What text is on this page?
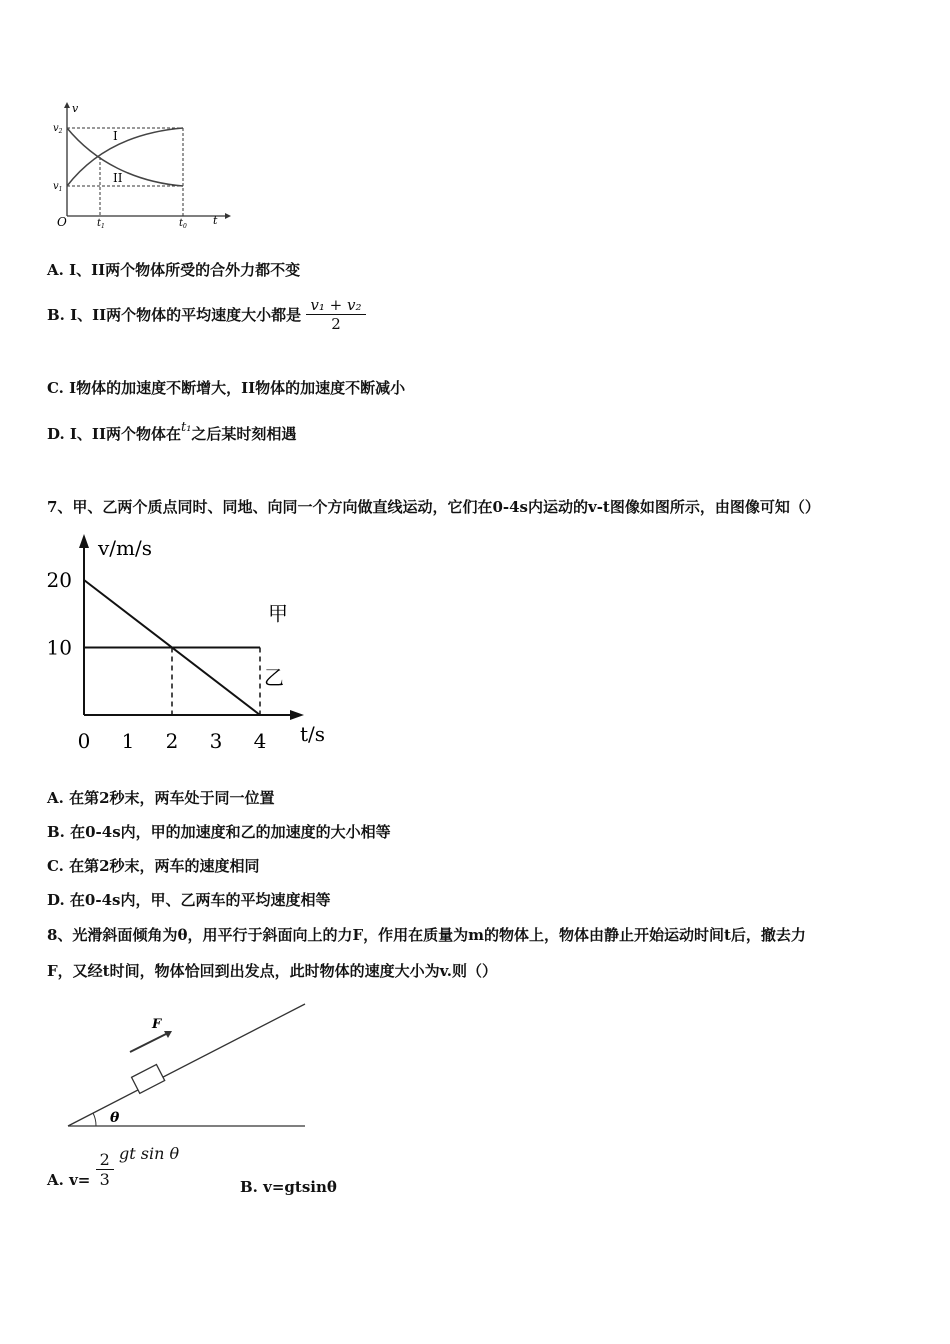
v
t
O
$v_2$
$v_1$
$t_1$	$t_0$
I
II
A. I、II两个物体所受的合外力都不变
B. I、II两个物体的平均速度大小都是 $\frac{\text{v₁ + v₂}}{2}$
C. I物体的加速度不断增大，II物体的加速度不断减小
D. I、II两个物体在t₁之后某时刻相遇
7、甲、乙两个质点同时、同地、向同一个方向做直线运动，它们在0-4s内运动的v-t图像如图所示，由图像可知（）
v/m/s
t/s
0 1 2 3 4
20
10
甲
乙
A. 在第2秒末，两车处于同一位置
B. 在0-4s内，甲的加速度和乙的加速度的大小相等
C. 在第2秒末，两车的速度相同
D. 在0-4s内，甲、乙两车的平均速度相等
8、光滑斜面倾角为θ，用平行于斜面向上的力F，作用在质量为m的物体上，物体由静止开始运动时间t后，撤去力
F，又经t时间，物体恰回到出发点，此时物体的速度大小为v.则（）
F
θ
A. $v= \frac{2}{3}$ gt sin θ
B. v=gtsinθ
